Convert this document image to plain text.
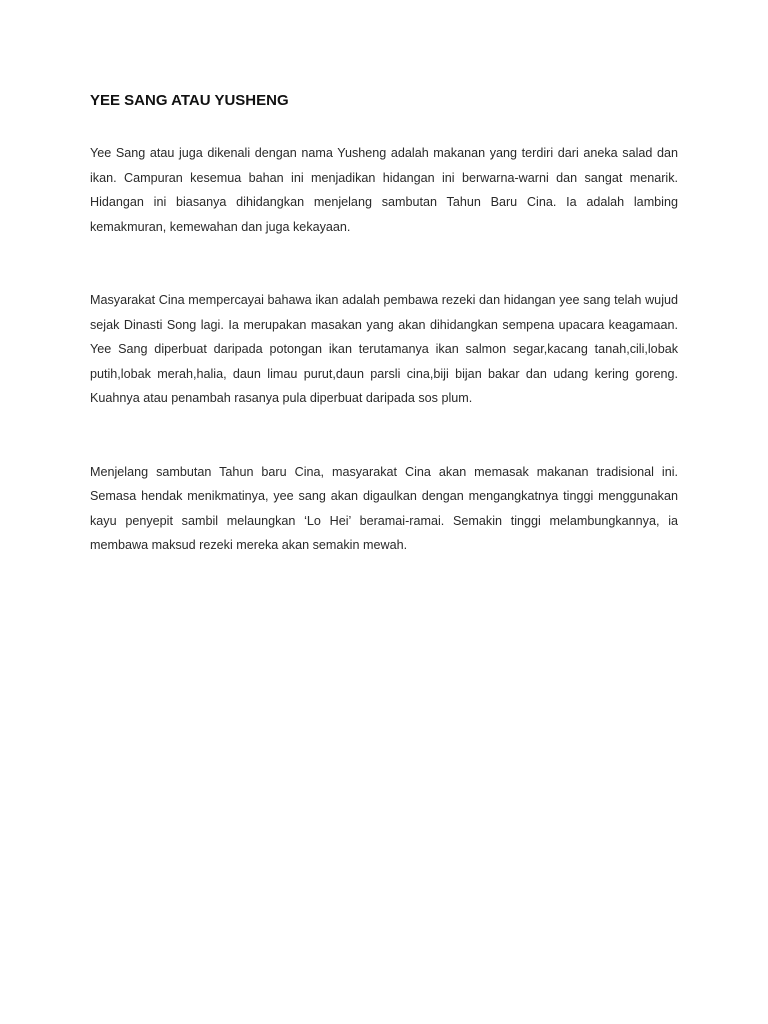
YEE SANG ATAU YUSHENG

Yee Sang atau juga dikenali dengan nama Yusheng adalah makanan yang terdiri dari aneka salad dan ikan. Campuran kesemua bahan ini menjadikan hidangan ini berwarna-warni dan sangat menarik. Hidangan ini biasanya dihidangkan menjelang sambutan Tahun Baru Cina. Ia adalah lambing kemakmuran, kemewahan dan juga kekayaan.

Masyarakat Cina mempercayai bahawa ikan adalah pembawa rezeki dan hidangan yee sang telah wujud sejak Dinasti Song lagi. Ia merupakan masakan yang akan dihidangkan sempena upacara keagamaan. Yee Sang diperbuat daripada potongan ikan terutamanya ikan salmon segar,kacang tanah,cili,lobak putih,lobak merah,halia, daun limau purut,daun parsli cina,biji bijan bakar dan udang kering goreng. Kuahnya atau penambah rasanya pula diperbuat daripada sos plum.

Menjelang sambutan Tahun baru Cina, masyarakat Cina akan memasak makanan tradisional ini. Semasa hendak menikmatinya, yee sang akan digaulkan dengan mengangkatnya tinggi menggunakan kayu penyepit sambil melaungkan ‘Lo Hei’ beramai-ramai. Semakin tinggi melambungkannya, ia membawa maksud rezeki mereka akan semakin mewah.
